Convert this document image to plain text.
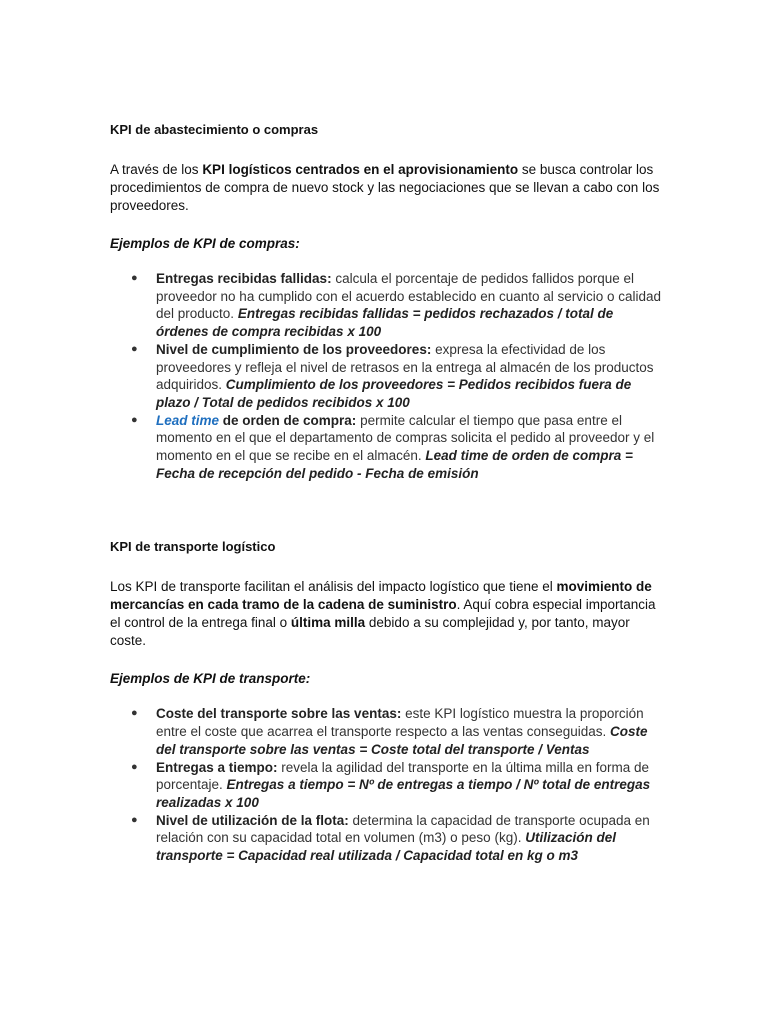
KPI de abastecimiento o compras

A través de los KPI logísticos centrados en el aprovisionamiento se busca controlar los procedimientos de compra de nuevo stock y las negociaciones que se llevan a cabo con los proveedores.

Ejemplos de KPI de compras:

● Entregas recibidas fallidas: calcula el porcentaje de pedidos fallidos porque el proveedor no ha cumplido con el acuerdo establecido en cuanto al servicio o calidad del producto. Entregas recibidas fallidas = pedidos rechazados / total de órdenes de compra recibidas x 100
● Nivel de cumplimiento de los proveedores: expresa la efectividad de los proveedores y refleja el nivel de retrasos en la entrega al almacén de los productos adquiridos. Cumplimiento de los proveedores = Pedidos recibidos fuera de plazo / Total de pedidos recibidos x 100
● Lead time de orden de compra: permite calcular el tiempo que pasa entre el momento en el que el departamento de compras solicita el pedido al proveedor y el momento en el que se recibe en el almacén. Lead time de orden de compra = Fecha de recepción del pedido - Fecha de emisión
KPI de transporte logístico

Los KPI de transporte facilitan el análisis del impacto logístico que tiene el movimiento de mercancías en cada tramo de la cadena de suministro. Aquí cobra especial importancia el control de la entrega final o última milla debido a su complejidad y, por tanto, mayor coste.

Ejemplos de KPI de transporte:

● Coste del transporte sobre las ventas: este KPI logístico muestra la proporción entre el coste que acarrea el transporte respecto a las ventas conseguidas. Coste del transporte sobre las ventas = Coste total del transporte / Ventas
● Entregas a tiempo: revela la agilidad del transporte en la última milla en forma de porcentaje. Entregas a tiempo = Nº de entregas a tiempo / Nº total de entregas realizadas x 100
● Nivel de utilización de la flota: determina la capacidad de transporte ocupada en relación con su capacidad total en volumen (m3) o peso (kg). Utilización del transporte = Capacidad real utilizada / Capacidad total en kg o m3
